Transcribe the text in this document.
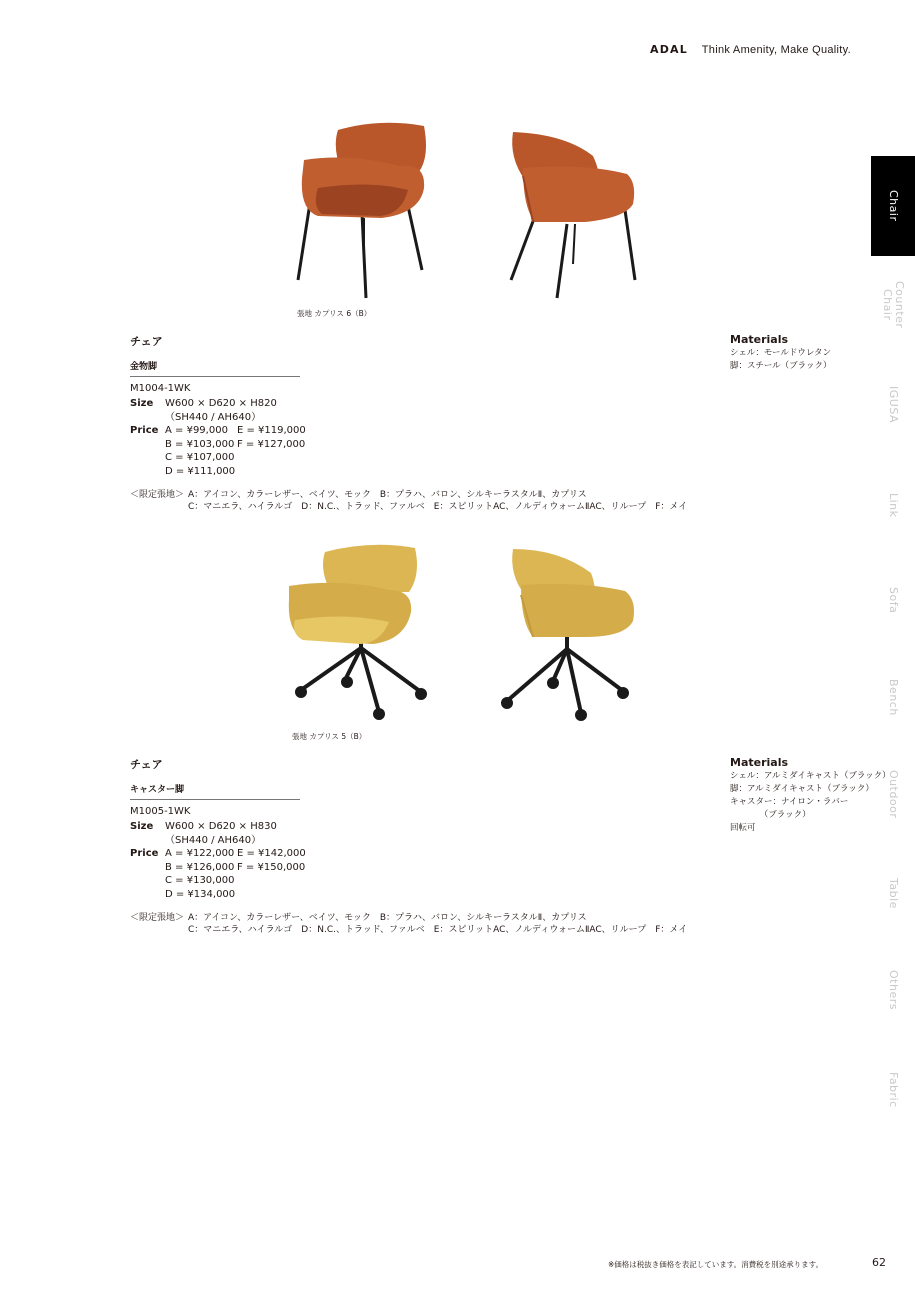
ADAL Think Amenity, Make Quality.
Chair
Counter
Chair
IGUSA
Link
Sofa
Bench
Outdoor
Table
Others
Fabric
張地 カプリス 6（B）
チェア
金物脚
M1004-1WK
Size	W600 × D620 × H820
（SH440 / AH640）
Price A = ¥99,000 E = ¥119,000
B = ¥103,000 F = ¥127,000
C = ¥107,000
D = ¥111,000
＜限定張地＞ A：アイコン、カラーレザー、ベイツ、モック　B：プラハ、バロン、シルキーラスタルⅡ、カプリス
C：マニエラ、ハイラルゴ　D：N.C.、トラッド、ファルベ　E：スピリットAC、ノルディウォームⅡAC、リループ　F：メイ
Materials
シェル：モールドウレタン
脚：スチール（ブラック）
張地 カプリス 5（B）
チェア
キャスター脚
M1005-1WK
Size	W600 × D620 × H830
（SH440 / AH640）
Price A = ¥122,000 E = ¥142,000
B = ¥126,000 F = ¥150,000
C = ¥130,000
D = ¥134,000
＜限定張地＞ A：アイコン、カラーレザー、ベイツ、モック　B：プラハ、バロン、シルキーラスタルⅡ、カプリス
C：マニエラ、ハイラルゴ　D：N.C.、トラッド、ファルベ　E：スピリットAC、ノルディウォームⅡAC、リループ　F：メイ
Materials
シェル：アルミダイキャスト（ブラック）
脚：アルミダイキャスト（ブラック）
キャスター：ナイロン・ラバー
　　　　（ブラック）
回転可
※価格は税抜き価格を表記しています。消費税を別途承ります。	62
